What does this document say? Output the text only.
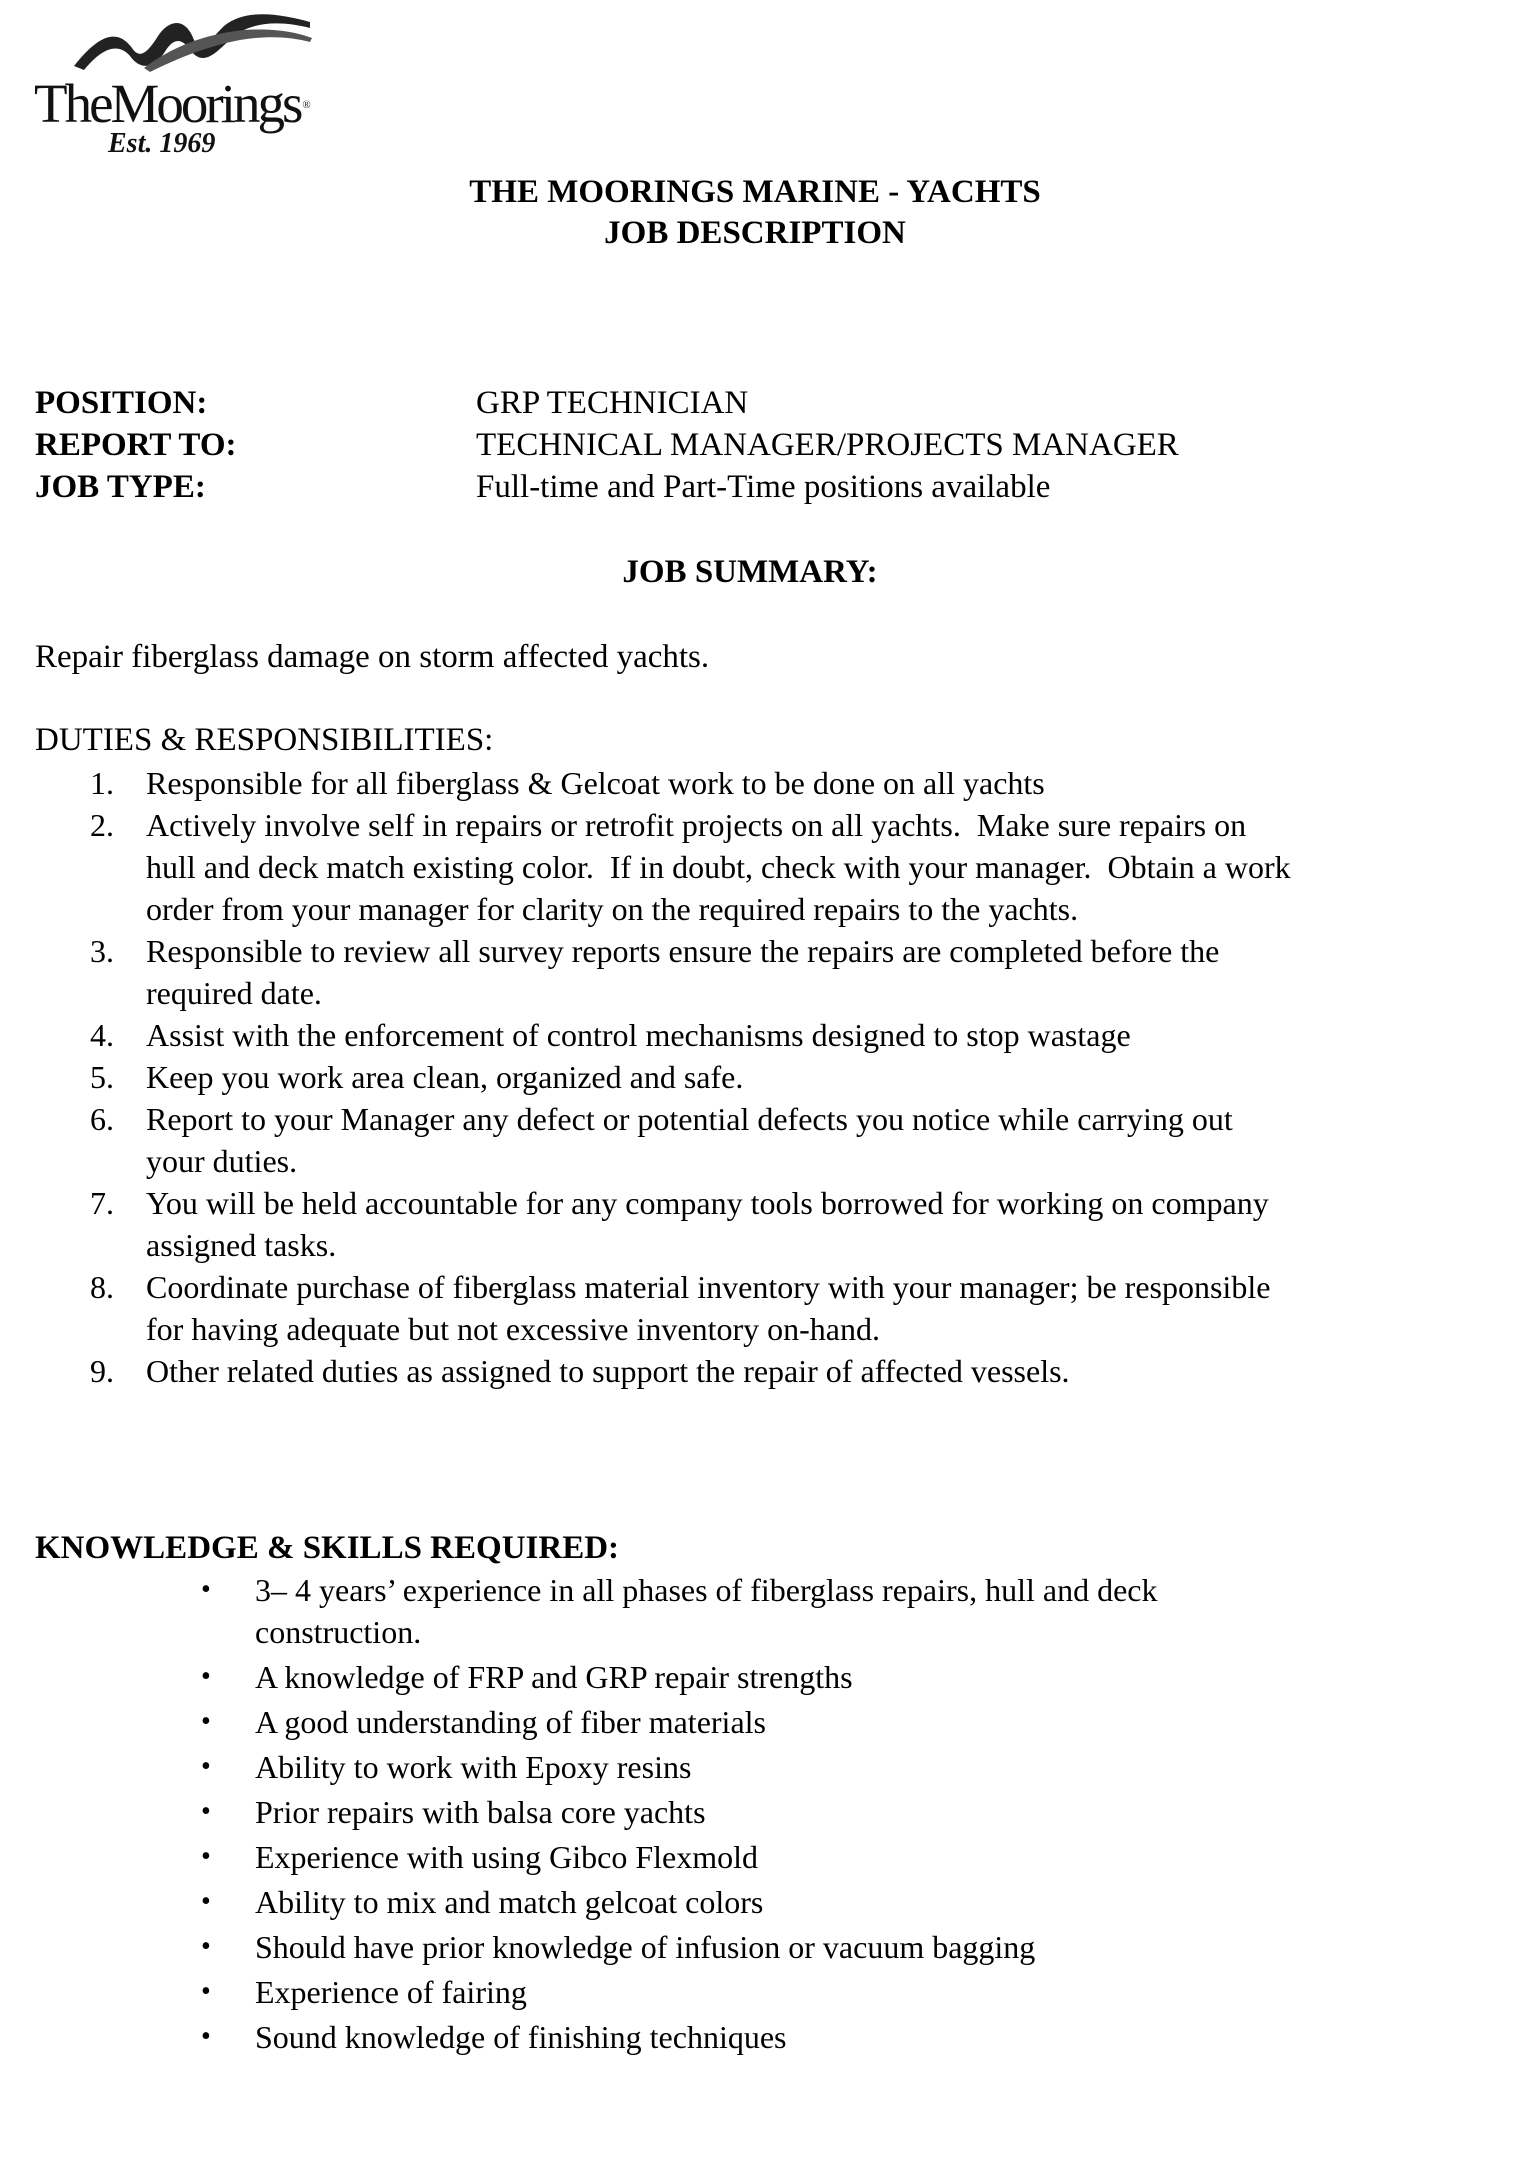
TheMoorings ®
Est. 1969
THE MOORINGS MARINE - YACHTS
JOB DESCRIPTION
POSITION:	GRP TECHNICIAN
REPORT TO:	TECHNICAL MANAGER/PROJECTS MANAGER
JOB TYPE:	Full-time and Part-Time positions available
JOB SUMMARY:
Repair fiberglass damage on storm affected yachts.
DUTIES & RESPONSIBILITIES:
1. Responsible for all fiberglass & Gelcoat work to be done on all yachts
2. Actively involve self in repairs or retrofit projects on all yachts.  Make sure repairs on
hull and deck match existing color.  If in doubt, check with your manager.  Obtain a work
order from your manager for clarity on the required repairs to the yachts.
3. Responsible to review all survey reports ensure the repairs are completed before the
required date.
4. Assist with the enforcement of control mechanisms designed to stop wastage
5. Keep you work area clean, organized and safe.
6. Report to your Manager any defect or potential defects you notice while carrying out
your duties.
7. You will be held accountable for any company tools borrowed for working on company
assigned tasks.
8. Coordinate purchase of fiberglass material inventory with your manager; be responsible
for having adequate but not excessive inventory on-hand.
9. Other related duties as assigned to support the repair of affected vessels.
KNOWLEDGE & SKILLS REQUIRED:
• 3– 4 years’ experience in all phases of fiberglass repairs, hull and deck
construction.
• A knowledge of FRP and GRP repair strengths
• A good understanding of fiber materials
• Ability to work with Epoxy resins
• Prior repairs with balsa core yachts
• Experience with using Gibco Flexmold
• Ability to mix and match gelcoat colors
• Should have prior knowledge of infusion or vacuum bagging
• Experience of fairing
• Sound knowledge of finishing techniques
